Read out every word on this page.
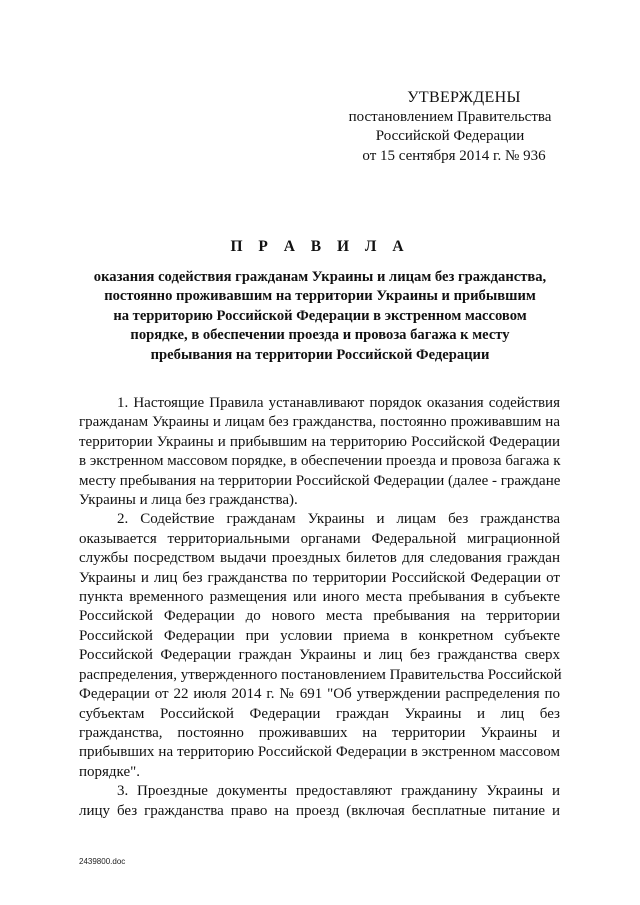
УТВЕРЖДЕНЫ
постановлением Правительства
Российской Федерации
от 15 сентября 2014 г. № 936
П Р А В И Л А
оказания содействия гражданам Украины и лицам без гражданства,
постоянно проживавшим на территории Украины и прибывшим
на территорию Российской Федерации в экстренном массовом
порядке, в обеспечении проезда и провоза багажа к месту
пребывания на территории Российской Федерации
1. Настоящие Правила устанавливают порядок оказания содействия
гражданам Украины и лицам без гражданства, постоянно проживавшим на
территории Украины и прибывшим на территорию Российской Федерации
в экстренном массовом порядке, в обеспечении проезда и провоза багажа к
месту пребывания на территории Российской Федерации (далее - граждане
Украины и лица без гражданства).
2. Содействие гражданам Украины и лицам без гражданства
оказывается территориальными органами Федеральной миграционной
службы посредством выдачи проездных билетов для следования граждан
Украины и лиц без гражданства по территории Российской Федерации от
пункта временного размещения или иного места пребывания в субъекте
Российской Федерации до нового места пребывания на территории
Российской Федерации при условии приема в конкретном субъекте
Российской Федерации граждан Украины и лиц без гражданства сверх
распределения, утвержденного постановлением Правительства Российской
Федерации от 22 июля 2014 г. № 691 "Об утверждении распределения по
субъектам Российской Федерации граждан Украины и лиц без
гражданства, постоянно проживавших на территории Украины и
прибывших на территорию Российской Федерации в экстренном массовом
порядке".
3. Проездные документы предоставляют гражданину Украины и
лицу без гражданства право на проезд (включая бесплатные питание и
2439800.doc
